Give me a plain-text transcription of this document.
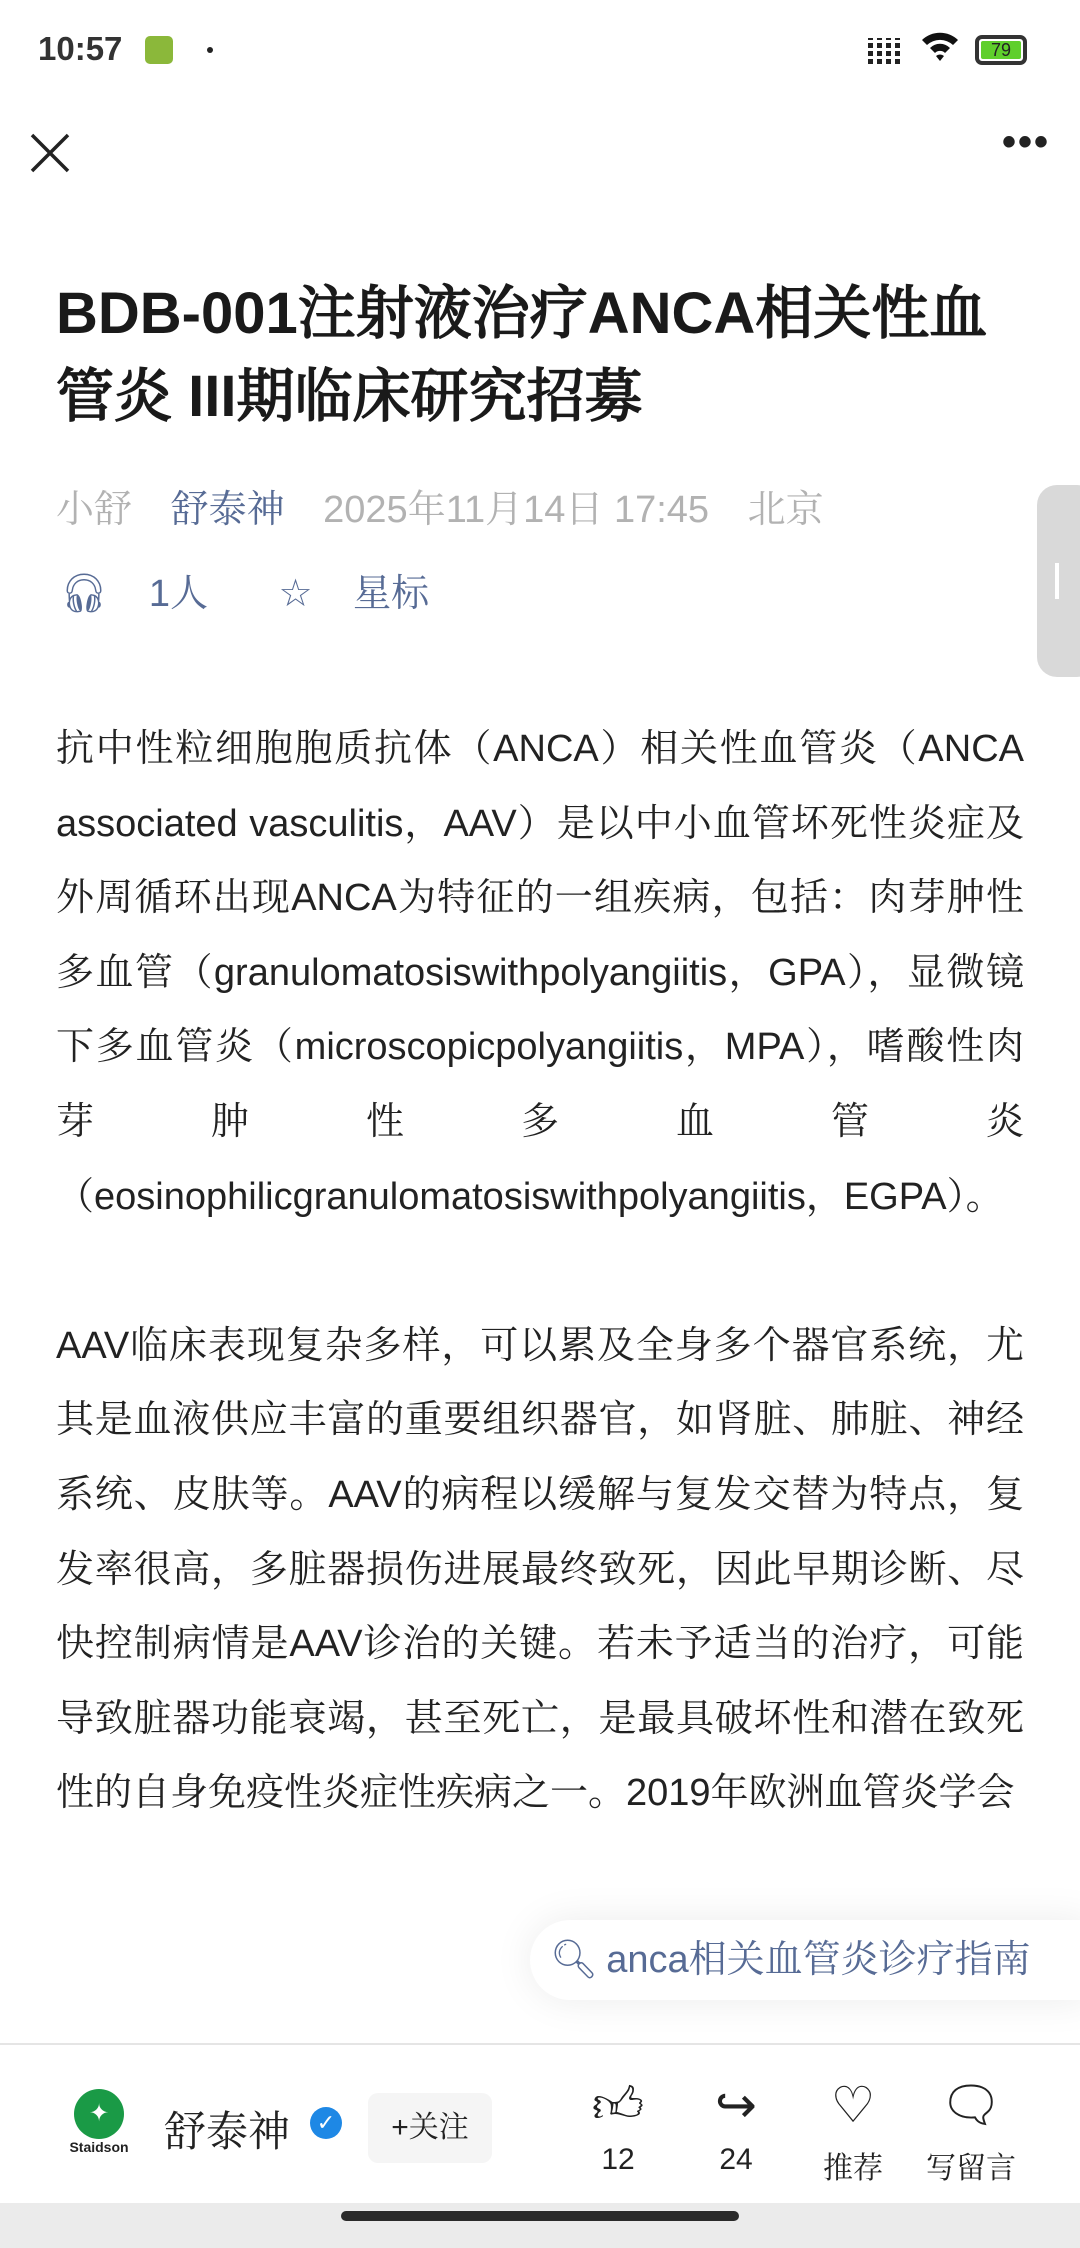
10:57	79
•••
BDB-001注射液治疗ANCA相关性血管炎 III期临床研究招募
小舒 舒泰神 2025年11月14日 17:45 北京
🎧︎ 1人 ☆ 星标

抗中性粒细胞胞质抗体（ANCA）相关性血管炎（ANCA associated vasculitis，AAV）是以中小血管坏死性炎症及外周循环出现ANCA为特征的一组疾病，包括：肉芽肿性多血管（granulomatosiswithpolyangiitis，GPA），显微镜下多血管炎（microscopicpolyangiitis，MPA），嗜酸性肉芽肿性多血管炎（eosinophilicgranulomatosiswithpolyangiitis，EGPA）。

AAV临床表现复杂多样，可以累及全身多个器官系统，尤其是血液供应丰富的重要组织器官，如肾脏、肺脏、神经系统、皮肤等。AAV的病程以缓解与复发交替为特点，复发率很高，多脏器损伤进展最终致死，因此早期诊断、尽快控制病情是AAV诊治的关键。若未予适当的治疗，可能导致脏器功能衰竭，甚至死亡，是最具破坏性和潜在致死性的自身免疫性炎症性疾病之一。2019年欧洲血管炎学会

🔍︎ anca相关血管炎诊疗指南
✦
Staidson 舒泰神	✓	+关注	👍︎
12
↪
24
♡
推荐
🗨︎
写留言
